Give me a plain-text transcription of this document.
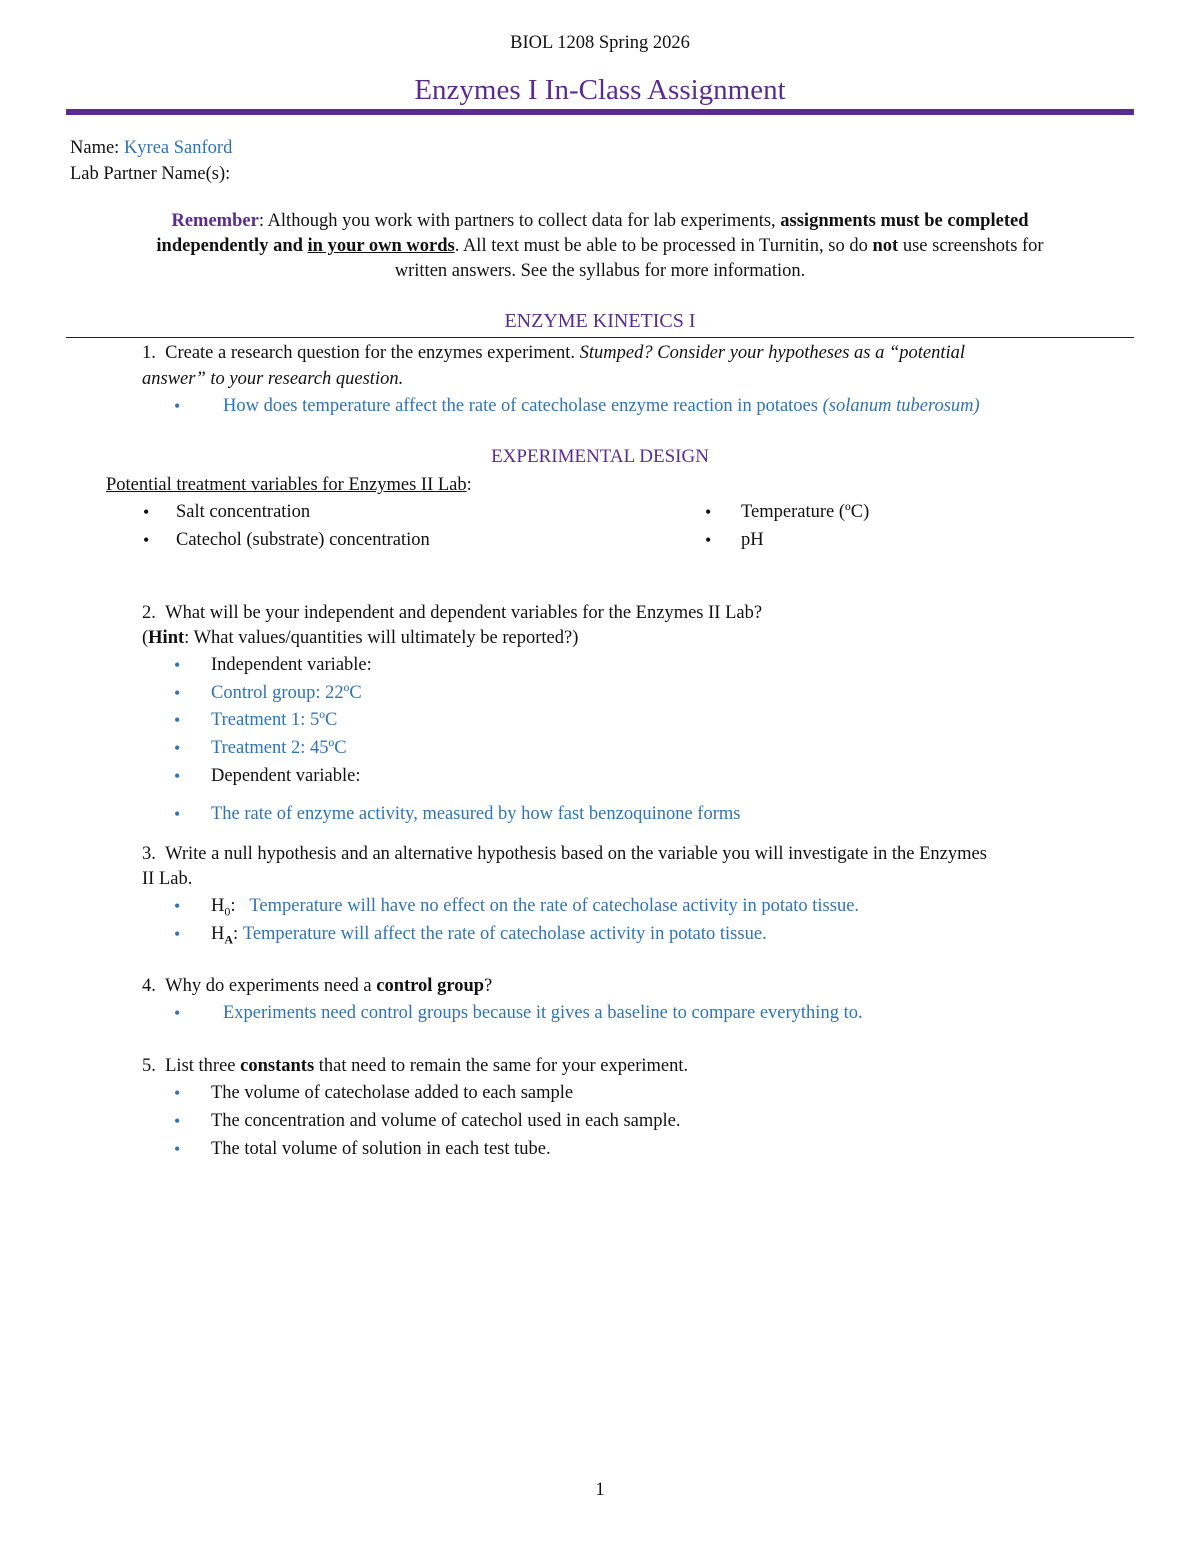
BIOL 1208 Spring 2026
Enzymes I In-Class Assignment
Name: Kyrea Sanford
Lab Partner Name(s):
Remember: Although you work with partners to collect data for lab experiments, assignments must be completed
independently and in your own words. All text must be able to be processed in Turnitin, so do not use screenshots for
written answers. See the syllabus for more information.
ENZYME KINETICS I
1. Create a research question for the enzymes experiment. Stumped? Consider your hypotheses as a “potential
answer” to your research question.
• How does temperature affect the rate of catecholase enzyme reaction in potatoes (solanum tuberosum)
EXPERIMENTAL DESIGN
Potential treatment variables for Enzymes II Lab:
• Salt concentration
• Catechol (substrate) concentration
• Temperature (ºC)
• pH
2. What will be your independent and dependent variables for the Enzymes II Lab?
(Hint: What values/quantities will ultimately be reported?)
• Independent variable:
• Control group: 22ºC
• Treatment 1: 5ºC
• Treatment 2: 45ºC
• Dependent variable:
• The rate of enzyme activity, measured by how fast benzoquinone forms
3. Write a null hypothesis and an alternative hypothesis based on the variable you will investigate in the Enzymes
II Lab.
• $H_0$: Temperature will have no effect on the rate of catecholase activity in potato tissue.
• $H_A$: Temperature will affect the rate of catecholase activity in potato tissue.
4. Why do experiments need a control group?
• Experiments need control groups because it gives a baseline to compare everything to.
5. List three constants that need to remain the same for your experiment.
• The volume of catecholase added to each sample
• The concentration and volume of catechol used in each sample.
• The total volume of solution in each test tube.
1
